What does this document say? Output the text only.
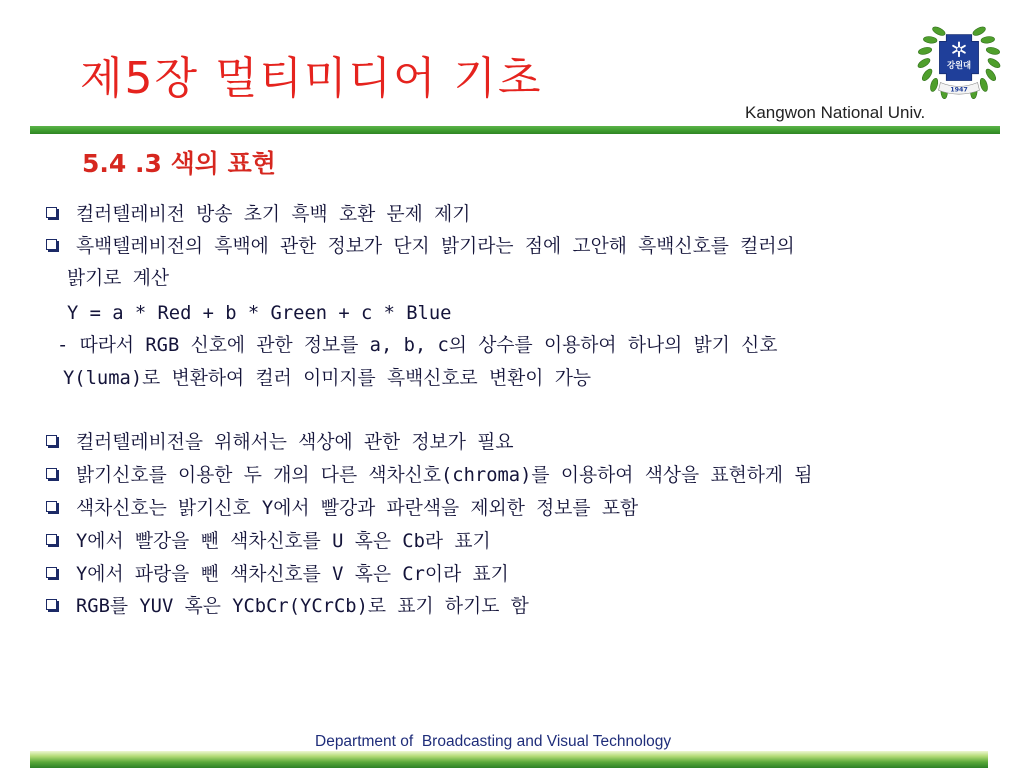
제5장 멀티미디어 기초	강원대
1947
Kangwon National Univ.
5.4 .3 색의 표현
컬러텔레비전 방송 초기 흑백 호환 문제 제기
흑백텔레비전의 흑백에 관한 정보가 단지 밝기라는 점에 고안해 흑백신호를 컬러의
밝기로 계산
Y = a * Red + b * Green + c * Blue
- 따라서 RGB 신호에 관한 정보를 a, b, c의 상수를 이용하여 하나의 밝기 신호
Y(luma)로 변환하여 컬러 이미지를 흑백신호로 변환이 가능
컬러텔레비전을 위해서는 색상에 관한 정보가 필요
밝기신호를 이용한 두 개의 다른 색차신호(chroma)를 이용하여 색상을 표현하게 됨
색차신호는 밝기신호 Y에서 빨강과 파란색을 제외한 정보를 포함
Y에서 빨강을 뺀 색차신호를 U 혹은 Cb라 표기
Y에서 파랑을 뺀 색차신호를 V 혹은 Cr이라 표기
RGB를 YUV 혹은 YCbCr(YCrCb)로 표기 하기도 함
Department of  Broadcasting and Visual Technology
